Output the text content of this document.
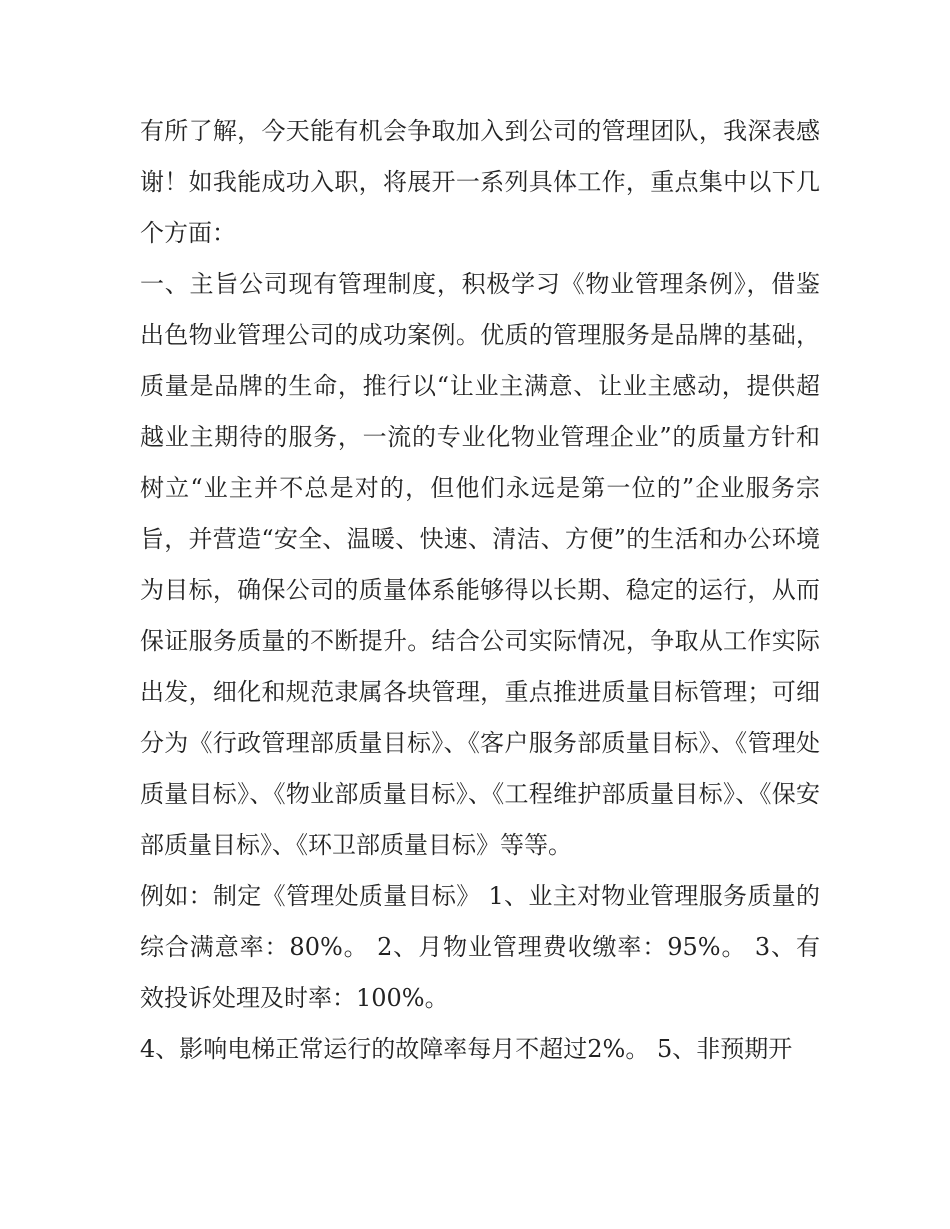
有所了解，今天能有机会争取加入到公司的管理团队，我深表感谢！如我能成功入职，将展开一系列具体工作，重点集中以下几个方面：

一、主旨公司现有管理制度，积极学习《物业管理条例》，借鉴出色物业管理公司的成功案例。优质的管理服务是品牌的基础，质量是品牌的生命，推行以“让业主满意、让业主感动，提供超越业主期待的服务，一流的专业化物业管理企业”的质量方针和树立“业主并不总是对的，但他们永远是第一位的”企业服务宗旨，并营造“安全、温暖、快速、清洁、方便”的生活和办公环境为目标，确保公司的质量体系能够得以长期、稳定的运行，从而保证服务质量的不断提升。结合公司实际情况，争取从工作实际出发，细化和规范隶属各块管理，重点推进质量目标管理；可细分为《行政管理部质量目标》、《客户服务部质量目标》、《管理处质量目标》、《物业部质量目标》、《工程维护部质量目标》、《保安部质量目标》、《环卫部质量目标》等等。

例如：制定《管理处质量目标》 1、业主对物业管理服务质量的综合满意率：80%。 2、月物业管理费收缴率：95%。 3、有效投诉处理及时率：100%。

4、影响电梯正常运行的故障率每月不超过2%。 5、非预期开
